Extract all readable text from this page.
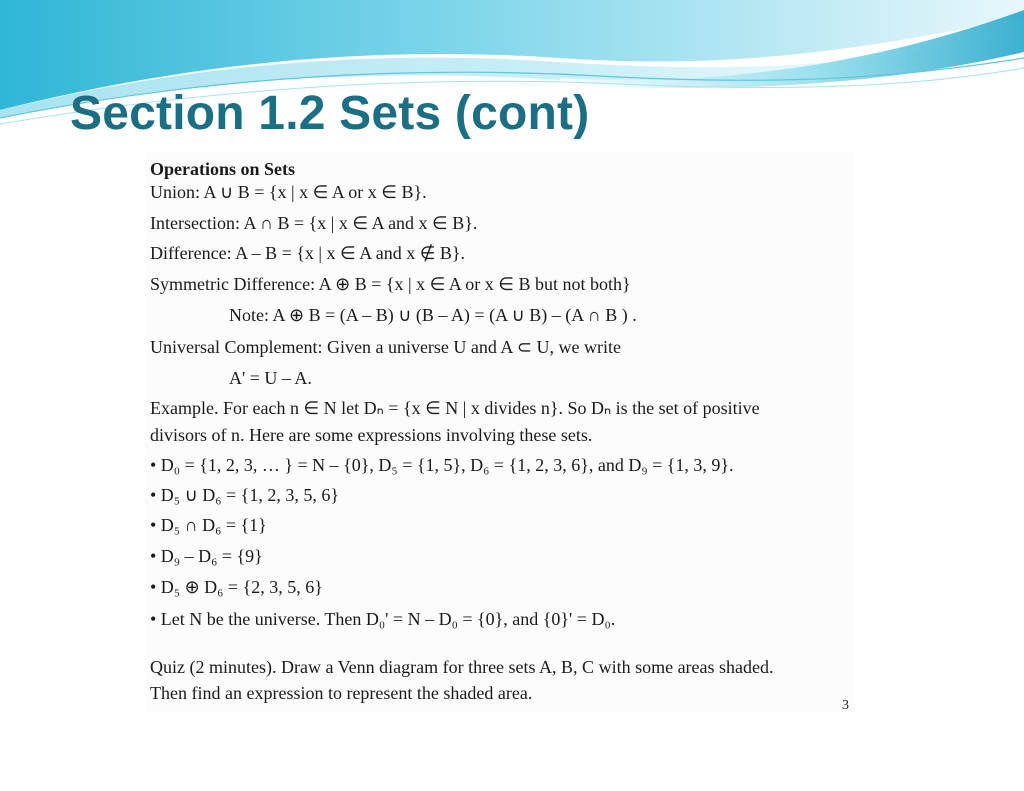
Section 1.2 Sets (cont)
Operations on Sets
Union: A ∪ B = {x | x ∈ A or x ∈ B}.
Intersection: A ∩ B = {x | x ∈ A and x ∈ B}.
Difference: A – B = {x | x ∈ A and x ∉ B}.
Symmetric Difference: A ⊕ B = {x | x ∈ A or x ∈ B but not both}
Note: A ⊕ B = (A – B) ∪ (B – A) = (A ∪ B) – (A ∩ B ) .
Universal Complement: Given a universe U and A ⊂ U, we write
A' = U – A.
Example. For each n ∈ N let Dₙ = {x ∈ N | x divides n}. So Dₙ is the set of positive
divisors of n. Here are some expressions involving these sets.
• D₀ = {1, 2, 3, … } = N – {0}, D₅ = {1, 5}, D₆ = {1, 2, 3, 6}, and D₉ = {1, 3, 9}.
• D₅ ∪ D₆ = {1, 2, 3, 5, 6}
• D₅ ∩ D₆ = {1}
• D₉ – D₆ = {9}
• D₅ ⊕ D₆ = {2, 3, 5, 6}
• Let N be the universe. Then D₀' = N – D₀ = {0}, and {0}' = D₀.
Quiz (2 minutes). Draw a Venn diagram for three sets A, B, C with some areas shaded.
Then find an expression to represent the shaded area.
3
